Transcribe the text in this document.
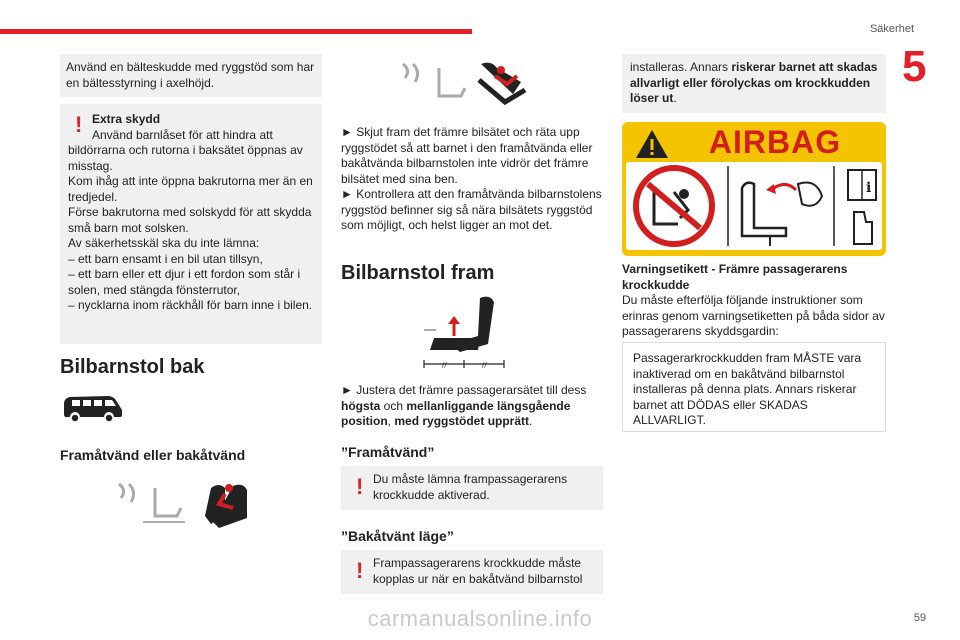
Säkerhet
5
59

Använd en bälteskudde med ryggstöd som har en bältesstyrning i axelhöjd.

! Extra skydd

Använd barnlåset för att hindra att bildörrarna och rutorna i baksätet öppnas av misstag.

Kom ihåg att inte öppna bakrutorna mer än en tredjedel.

Förse bakrutorna med solskydd för att skydda små barn mot solsken.

Av säkerhetsskäl ska du inte lämna:

– ett barn ensamt i en bil utan tillsyn,

– ett barn eller ett djur i ett fordon som står i solen, med stängda fönsterrutor,

– nycklarna inom räckhåll för barn inne i bilen.

Bilbarnstol bak
Framåtvänd eller bakåtvänd

► Skjut fram det främre bilsätet och räta upp ryggstödet så att barnet i den framåtvända eller bakåtvända bilbarnstolen inte vidrör det främre bilsätet med sina ben.

► Kontrollera att den framåtvända bilbarnstolens ryggstöd befinner sig så nära bilsätets ryggstöd som möjligt, och helst ligger an mot det.

Bilbarnstol fram
//	//

► Justera det främre passagerarsätet till dess högsta och mellanliggande längsgående position, med ryggstödet upprätt.

”Framåtvänd”
! Du måste lämna frampassagerarens krockkudde aktiverad.

”Bakåtvänt läge”
! Frampassagerarens krockkudde måste kopplas ur när en bakåtvänd bilbarnstol

installeras. Annars riskerar barnet att skadas allvarligt eller förolyckas om krockkudden löser ut.

AIRBAG
i

Varningsetikett - Främre passagerarens krockkudde

Du måste efterfölja följande instruktioner som erinras genom varningsetiketten på båda sidor av passagerarens skyddsgardin:

Passagerarkrockkudden fram MÅSTE vara inaktiverad om en bakåtvänd bilbarnstol installeras på denna plats. Annars riskerar barnet att DÖDAS eller SKADAS ALLVARLIGT.

carmanualsonline.info
